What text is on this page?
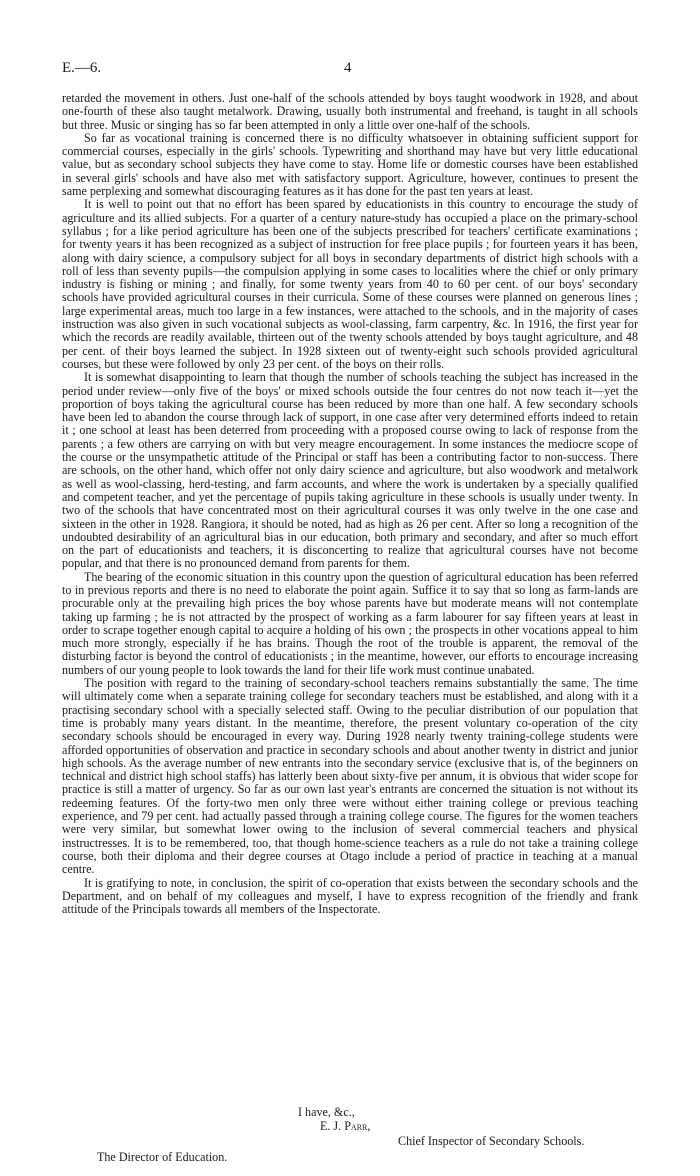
E.—6.	4

retarded the movement in others. Just one-half of the schools attended by boys taught woodwork in 1928, and about one-fourth of these also taught metalwork. Drawing, usually both instrumental and freehand, is taught in all schools but three. Music or singing has so far been attempted in only a little over one-half of the schools.

So far as vocational training is concerned there is no difficulty whatsoever in obtaining sufficient support for commercial courses, especially in the girls' schools. Typewriting and shorthand may have but very little educational value, but as secondary school subjects they have come to stay. Home life or domestic courses have been established in several girls' schools and have also met with satisfactory support. Agriculture, however, continues to present the same perplexing and somewhat discouraging features as it has done for the past ten years at least.

It is well to point out that no effort has been spared by educationists in this country to encourage the study of agriculture and its allied subjects. For a quarter of a century nature-study has occupied a place on the primary-school syllabus ; for a like period agriculture has been one of the subjects prescribed for teachers' certificate examinations ; for twenty years it has been recognized as a subject of instruction for free place pupils ; for fourteen years it has been, along with dairy science, a compulsory subject for all boys in secondary departments of district high schools with a roll of less than seventy pupils—the compulsion applying in some cases to localities where the chief or only primary industry is fishing or mining ; and finally, for some twenty years from 40 to 60 per cent. of our boys' secondary schools have provided agricultural courses in their curricula. Some of these courses were planned on generous lines ; large experimental areas, much too large in a few instances, were attached to the schools, and in the majority of cases instruction was also given in such vocational subjects as wool-classing, farm carpentry, &c. In 1916, the first year for which the records are readily available, thirteen out of the twenty schools attended by boys taught agriculture, and 48 per cent. of their boys learned the subject. In 1928 sixteen out of twenty-eight such schools provided agricultural courses, but these were followed by only 23 per cent. of the boys on their rolls.

It is somewhat disappointing to learn that though the number of schools teaching the subject has increased in the period under review—only five of the boys' or mixed schools outside the four centres do not now teach it—yet the proportion of boys taking the agricultural course has been reduced by more than one half. A few secondary schools have been led to abandon the course through lack of support, in one case after very determined efforts indeed to retain it ; one school at least has been deterred from proceeding with a proposed course owing to lack of response from the parents ; a few others are carrying on with but very meagre encouragement. In some instances the mediocre scope of the course or the unsympathetic attitude of the Principal or staff has been a contributing factor to non-success. There are schools, on the other hand, which offer not only dairy science and agriculture, but also woodwork and metalwork as well as wool-classing, herd-testing, and farm accounts, and where the work is undertaken by a specially qualified and competent teacher, and yet the percentage of pupils taking agriculture in these schools is usually under twenty. In two of the schools that have concentrated most on their agricultural courses it was only twelve in the one case and sixteen in the other in 1928. Rangiora, it should be noted, had as high as 26 per cent. After so long a recognition of the undoubted desirability of an agricultural bias in our education, both primary and secondary, and after so much effort on the part of educationists and teachers, it is disconcerting to realize that agricultural courses have not become popular, and that there is no pronounced demand from parents for them.

The bearing of the economic situation in this country upon the question of agricultural education has been referred to in previous reports and there is no need to elaborate the point again. Suffice it to say that so long as farm-lands are procurable only at the prevailing high prices the boy whose parents have but moderate means will not contemplate taking up farming ; he is not attracted by the prospect of working as a farm labourer for say fifteen years at least in order to scrape together enough capital to acquire a holding of his own ; the prospects in other vocations appeal to him much more strongly, especially if he has brains. Though the root of the trouble is apparent, the removal of the disturbing factor is beyond the control of educationists ; in the meantime, however, our efforts to encourage increasing numbers of our young people to look towards the land for their life work must continue unabated.

The position with regard to the training of secondary-school teachers remains substantially the same. The time will ultimately come when a separate training college for secondary teachers must be established, and along with it a practising secondary school with a specially selected staff. Owing to the peculiar distribution of our population that time is probably many years distant. In the meantime, therefore, the present voluntary co-operation of the city secondary schools should be encouraged in every way. During 1928 nearly twenty training-college students were afforded opportunities of observation and practice in secondary schools and about another twenty in district and junior high schools. As the average number of new entrants into the secondary service (exclusive that is, of the beginners on technical and district high school staffs) has latterly been about sixty-five per annum, it is obvious that wider scope for practice is still a matter of urgency. So far as our own last year's entrants are concerned the situation is not without its redeeming features. Of the forty-two men only three were without either training college or previous teaching experience, and 79 per cent. had actually passed through a training college course. The figures for the women teachers were very similar, but somewhat lower owing to the inclusion of several commercial teachers and physical instructresses. It is to be remembered, too, that though home-science teachers as a rule do not take a training college course, both their diploma and their degree courses at Otago include a period of practice in teaching at a manual centre.

It is gratifying to note, in conclusion, the spirit of co-operation that exists between the secondary schools and the Department, and on behalf of my colleagues and myself, I have to express recognition of the friendly and frank attitude of the Principals towards all members of the Inspectorate.

I have, &c.,
E. J. Parr,
Chief Inspector of Secondary Schools.
The Director of Education.
